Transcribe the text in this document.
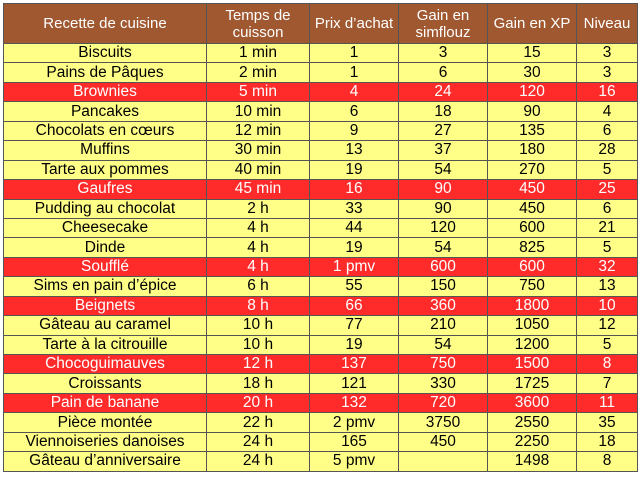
Recette de cuisine	Temps de cuisson	Prix d’achat	Gain en simflouz	Gain en XP	Niveau
Biscuits	1 min	1	3	15	3
Pains de Pâques	2 min	1	6	30	3
Brownies	5 min	4	24	120	16
Pancakes	10 min	6	18	90	4
Chocolats en cœurs	12 min	9	27	135	6
Muffins	30 min	13	37	180	28
Tarte aux pommes	40 min	19	54	270	5
Gaufres	45 min	16	90	450	25
Pudding au chocolat	2 h	33	90	450	6
Cheesecake	4 h	44	120	600	21
Dinde	4 h	19	54	825	5
Soufflé	4 h	1 pmv	600	600	32
Sims en pain d’épice	6 h	55	150	750	13
Beignets	8 h	66	360	1800	10
Gâteau au caramel	10 h	77	210	1050	12
Tarte à la citrouille	10 h	19	54	1200	5
Chocoguimauves	12 h	137	750	1500	8
Croissants	18 h	121	330	1725	7
Pain de banane	20 h	132	720	3600	11
Pièce montée	22 h	2 pmv	3750	2550	35
Viennoiseries danoises	24 h	165	450	2250	18
Gâteau d’anniversaire	24 h	5 pmv		1498	8
